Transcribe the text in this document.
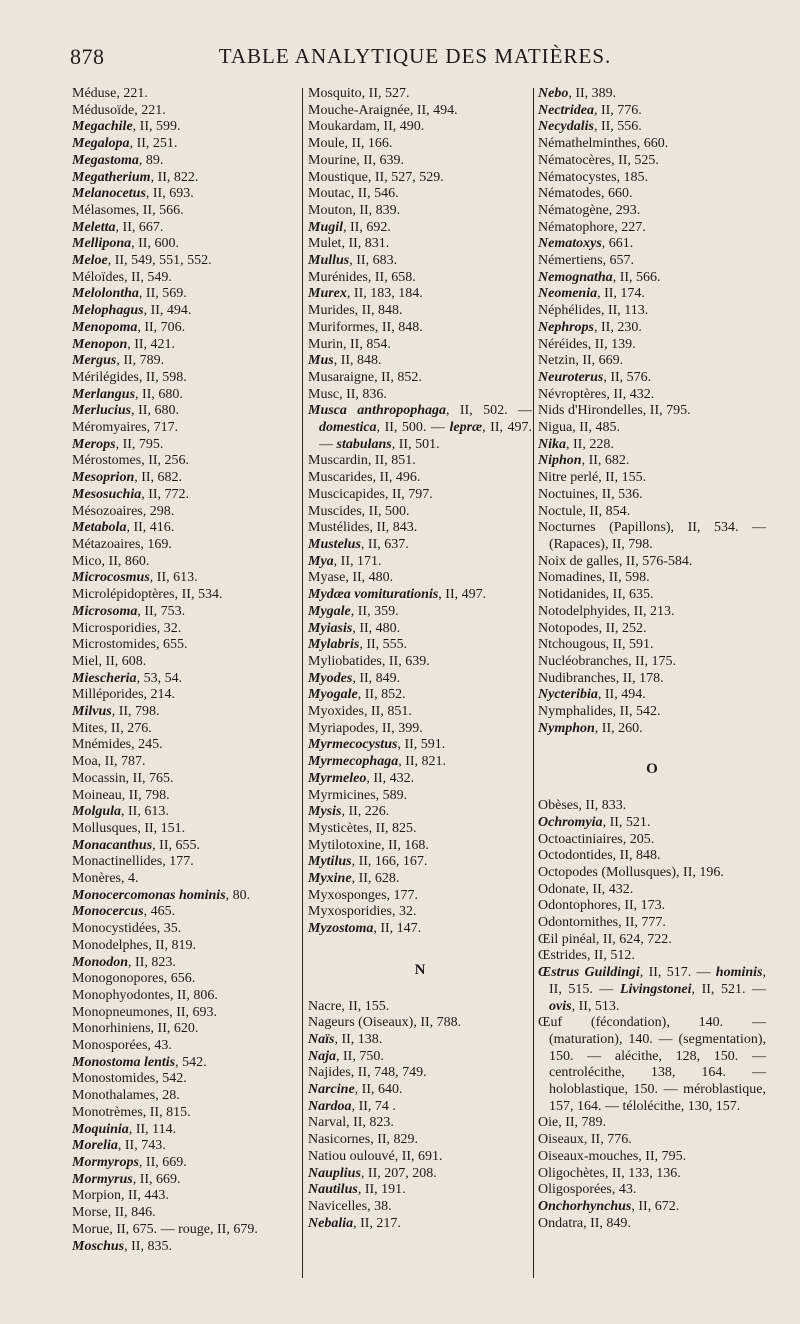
878	TABLE ANALYTIQUE DES MATIÈRES.
Méduse, 221.
Médusoïde, 221.
Megachile, II, 599.
Megalopa, II, 251.
Megastoma, 89.
Megatherium, II, 822.
Melanocetus, II, 693.
Mélasomes, II, 566.
Meletta, II, 667.
Mellipona, II, 600.
Meloe, II, 549, 551, 552.
Méloïdes, II, 549.
Melolontha, II, 569.
Melophagus, II, 494.
Menopoma, II, 706.
Menopon, II, 421.
Mergus, II, 789.
Mérilégides, II, 598.
Merlangus, II, 680.
Merlucius, II, 680.
Méromyaires, 717.
Merops, II, 795.
Mérostomes, II, 256.
Mesoprion, II, 682.
Mesosuchia, II, 772.
Mésozoaires, 298.
Metabola, II, 416.
Métazoaires, 169.
Mico, II, 860.
Microcosmus, II, 613.
Microlépidoptères, II, 534.
Microsoma, II, 753.
Microsporidies, 32.
Microstomides, 655.
Miel, II, 608.
Miescheria, 53, 54.
Milléporides, 214.
Milvus, II, 798.
Mites, II, 276.
Mnémides, 245.
Moa, II, 787.
Mocassin, II, 765.
Moineau, II, 798.
Molgula, II, 613.
Mollusques, II, 151.
Monacanthus, II, 655.
Monactinellides, 177.
Monères, 4.
Monocercomonas hominis, 80.
Monocercus, 465.
Monocystidées, 35.
Monodelphes, II, 819.
Monodon, II, 823.
Monogonopores, 656.
Monophyodontes, II, 806.
Monopneumones, II, 693.
Monorhiniens, II, 620.
Monosporées, 43.
Monostoma lentis, 542.
Monostomides, 542.
Monothalames, 28.
Monotrèmes, II, 815.
Moquinia, II, 114.
Morelia, II, 743.
Mormyrops, II, 669.
Mormyrus, II, 669.
Morpion, II, 443.
Morse, II, 846.
Morue, II, 675. — rouge, II, 679.
Moschus, II, 835.
Mosquito, II, 527.
Mouche-Araignée, II, 494.
Moukardam, II, 490.
Moule, II, 166.
Mourine, II, 639.
Moustique, II, 527, 529.
Moutac, II, 546.
Mouton, II, 839.
Mugil, II, 692.
Mulet, II, 831.
Mullus, II, 683.
Murénides, II, 658.
Murex, II, 183, 184.
Murides, II, 848.
Muriformes, II, 848.
Murin, II, 854.
Mus, II, 848.
Musaraigne, II, 852.
Musc, II, 836.
Musca anthropophaga, II, 502. — domestica, II, 500. — lepræ, II, 497. — stabulans, II, 501.
Muscardin, II, 851.
Muscarides, II, 496.
Muscicapides, II, 797.
Muscides, II, 500.
Mustélides, II, 843.
Mustelus, II, 637.
Mya, II, 171.
Myase, II, 480.
Mydæa vomiturationis, II, 497.
Mygale, II, 359.
Myiasis, II, 480.
Mylabris, II, 555.
Myliobatides, II, 639.
Myodes, II, 849.
Myogale, II, 852.
Myoxides, II, 851.
Myriapodes, II, 399.
Myrmecocystus, II, 591.
Myrmecophaga, II, 821.
Myrmeleo, II, 432.
Myrmicines, 589.
Mysis, II, 226.
Mysticètes, II, 825.
Mytilotoxine, II, 168.
Mytilus, II, 166, 167.
Myxine, II, 628.
Myxosponges, 177.
Myxosporidies, 32.
Myzostoma, II, 147.
N
Nacre, II, 155.
Nageurs (Oiseaux), II, 788.
Naïs, II, 138.
Naja, II, 750.
Najides, II, 748, 749.
Narcine, II, 640.
Nardoa, II, 74 .
Narval, II, 823.
Nasicornes, II, 829.
Natiou oulouvé, II, 691.
Nauplius, II, 207, 208.
Nautilus, II, 191.
Navicelles, 38.
Nebalia, II, 217.
Nebo, II, 389.
Nectridea, II, 776.
Necydalis, II, 556.
Némathelminthes, 660.
Nématocères, II, 525.
Nématocystes, 185.
Nématodes, 660.
Nématogène, 293.
Nématophore, 227.
Nematoxys, 661.
Némertiens, 657.
Nemognatha, II, 566.
Neomenia, II, 174.
Néphélides, II, 113.
Nephrops, II, 230.
Néréides, II, 139.
Netzin, II, 669.
Neuroterus, II, 576.
Névroptères, II, 432.
Nids d'Hirondelles, II, 795.
Nigua, II, 485.
Nika, II, 228.
Niphon, II, 682.
Nitre perlé, II, 155.
Noctuines, II, 536.
Noctule, II, 854.
Nocturnes (Papillons), II, 534. — (Rapaces), II, 798.
Noix de galles, II, 576-584.
Nomadines, II, 598.
Notidanides, II, 635.
Notodelphyides, II, 213.
Notopodes, II, 252.
Ntchougous, II, 591.
Nucléobranches, II, 175.
Nudibranches, II, 178.
Nycteribia, II, 494.
Nymphalides, II, 542.
Nymphon, II, 260.
O
Obèses, II, 833.
Ochromyia, II, 521.
Octoactiniaires, 205.
Octodontides, II, 848.
Octopodes (Mollusques), II, 196.
Odonate, II, 432.
Odontophores, II, 173.
Odontornithes, II, 777.
Œil pinéal, II, 624, 722.
Œstrides, II, 512.
Œstrus Guildingi, II, 517. — hominis, II, 515. — Livingstonei, II, 521. — ovis, II, 513.
Œuf (fécondation), 140. — (maturation), 140. — (segmentation), 150. — alécithe, 128, 150. — centrolécithe, 138, 164. — holoblastique, 150. — méroblastique, 157, 164. — télolécithe, 130, 157.
Oie, II, 789.
Oiseaux, II, 776.
Oiseaux-mouches, II, 795.
Oligochètes, II, 133, 136.
Oligosporées, 43.
Onchorhynchus, II, 672.
Ondatra, II, 849.
